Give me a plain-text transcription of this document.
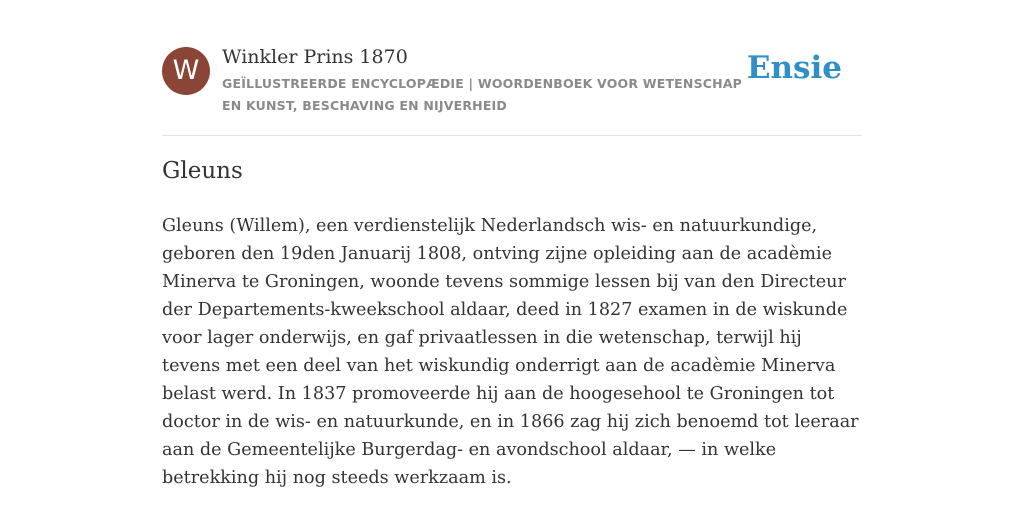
W	Winkler Prins 1870
GEÏLLUSTREERDE ENCYCLOPÆDIE | WOORDENBOEK VOOR WETENSCHAP EN KUNST, BESCHAVING EN NIJVERHEID
Ensie
Gleuns

Gleuns (Willem), een verdienstelijk Nederlandsch wis- en natuurkundige, geboren den 19den Januarij 1808, ontving zijne opleiding aan de acadèmie Minerva te Groningen, woonde tevens sommige lessen bij van den Directeur der Departements-kweekschool aldaar, deed in 1827 examen in de wiskunde voor lager onderwijs, en gaf privaatlessen in die wetenschap, terwijl hij tevens met een deel van het wiskundig onderrigt aan de acadèmie Minerva belast werd. In 1837 promoveerde hij aan de hoogesehool te Groningen tot doctor in de wis- en natuurkunde, en in 1866 zag hij zich benoemd tot leeraar aan de Gemeentelijke Burgerdag- en avondschool aldaar, — in welke betrekking hij nog steeds werkzaam is.
